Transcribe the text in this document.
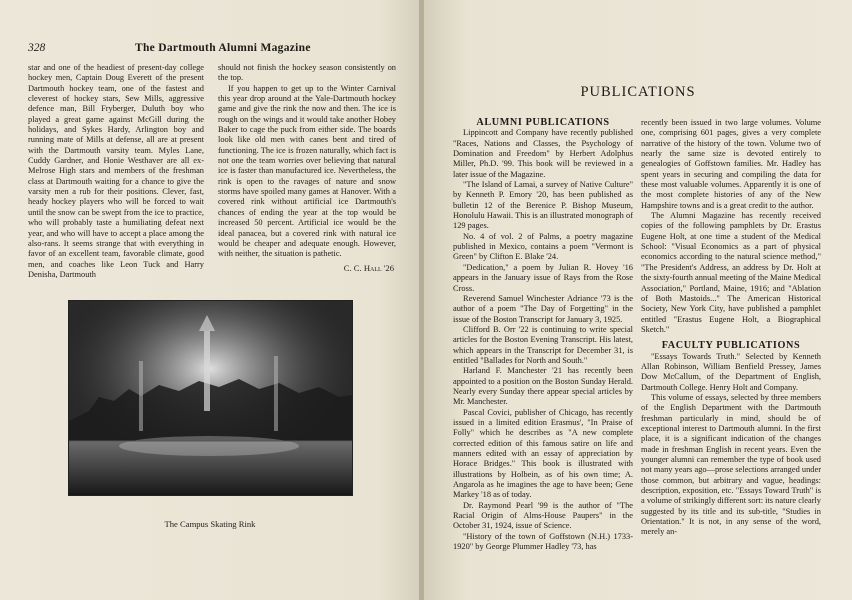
328	The Dartmouth Alumni Magazine

star and one of the headiest of present-day college hockey men, Captain Doug Everett of the present Dartmouth hockey team, one of the fastest and cleverest of hockey stars, Sew Mills, aggressive defence man, Bill Fryberger, Duluth boy who played a great game against McGill during the holidays, and Sykes Hardy, Arlington boy and running mate of Mills at defense, all are at present with the Dartmouth varsity team. Myles Lane, Cuddy Gardner, and Honie Westhaver are all ex-Melrose High stars and members of the freshman class at Dartmouth waiting for a chance to give the varsity men a rub for their positions. Clever, fast, heady hockey players who will be forced to wait until the snow can be swept from the ice to practice, who will probably taste a humiliating defeat next year, and who will have to accept a place among the also-rans. It seems strange that with everything in favor of an excellent team, favorable climate, good men, and coaches like Leon Tuck and Harry Denisha, Dartmouth

should not finish the hockey season consistently on the top.

If you happen to get up to the Winter Carnival this year drop around at the Yale-Dartmouth hockey game and give the rink the now and then. The ice is rough on the wings and it would take another Hobey Baker to cage the puck from either side. The boards look like old men with canes bent and tired of functioning. The ice is frozen naturally, which fact is not one the team worries over believing that natural ice is faster than manufactured ice. Nevertheless, the rink is open to the ravages of nature and snow storms have spoiled many games at Hanover. With a covered rink without artificial ice Dartmouth's chances of ending the year at the top would be increased 50 percent. Artificial ice would be the ideal panacea, but a covered rink with natural ice would be cheaper and adequate enough. However, with neither, the situation is pathetic.

C. C. Hall '26

The Campus Skating Rink
PUBLICATIONS

ALUMNI PUBLICATIONS

Lippincott and Company have recently published "Races, Nations and Classes, the Psychology of Domination and Freedom" by Herbert Adolphus Miller, Ph.D. '99. This book will be reviewed in a later issue of the Magazine.

"The Island of Lamai, a survey of Native Culture" by Kenneth P. Emory '20, has been published as bulletin 12 of the Berenice P. Bishop Museum, Honolulu Hawaii. This is an illustrated monograph of 129 pages.

No. 4 of vol. 2 of Palms, a poetry magazine published in Mexico, contains a poem "Vermont is Green" by Clifton E. Blake '24.

"Dedication," a poem by Julian R. Hovey '16 appears in the January issue of Rays from the Rose Cross.

Reverend Samuel Winchester Adriance '73 is the author of a poem "The Day of Forgetting" in the issue of the Boston Transcript for January 3, 1925.

Clifford B. Orr '22 is continuing to write special articles for the Boston Evening Transcript. His latest, which appears in the Transcript for December 31, is entitled "Ballades for North and South."

Harland F. Manchester '21 has recently been appointed to a position on the Boston Sunday Herald. Nearly every Sunday there appear special articles by Mr. Manchester.

Pascal Covici, publisher of Chicago, has recently issued in a limited edition Erasmus', "In Praise of Folly" which he describes as "A new complete corrected edition of this famous satire on life and manners edited with an essay of appreciation by Horace Bridges." This book is illustrated with illustrations by Holbein, as of his own time; A. Angarola as he imagines the age to have been; Gene Markey '18 as of today.

Dr. Raymond Pearl '99 is the author of "The Racial Origin of Alms-House Paupers" in the October 31, 1924, issue of Science.

"History of the town of Goffstown (N.H.) 1733-1920" by George Plummer Hadley '73, has

recently been issued in two large volumes. Volume one, comprising 601 pages, gives a very complete narrative of the history of the town. Volume two of nearly the same size is devoted entirely to genealogies of Goffstown families. Mr. Hadley has spent years in securing and compiling the data for these most valuable volumes. Apparently it is one of the most complete histories of any of the New Hampshire towns and is a great credit to the author.

The Alumni Magazine has recently received copies of the following pamphlets by Dr. Erastus Eugene Holt, at one time a student of the Medical School: "Visual Economics as a part of physical economics according to the natural science method," "The President's Address, an address by Dr. Holt at the sixty-fourth annual meeting of the Maine Medical Association," Portland, Maine, 1916; and "Ablation of Both Mastoids..." The American Historical Society, New York City, have published a pamphlet entitled "Erastus Eugene Holt, a Biographical Sketch."

FACULTY PUBLICATIONS

"Essays Towards Truth." Selected by Kenneth Allan Robinson, William Benfield Pressey, James Dow McCallum, of the Department of English, Dartmouth College. Henry Holt and Company.

This volume of essays, selected by three members of the English Department with the Dartmouth freshman particularly in mind, should be of exceptional interest to Dartmouth alumni. In the first place, it is a significant indication of the changes made in freshman English in recent years. Even the younger alumni can remember the type of book used not many years ago—prose selections arranged under those common, but arbitrary and vague, headings: description, exposition, etc. "Essays Toward Truth" is a volume of strikingly different sort: its nature clearly suggested by its title and its sub-title, "Studies in Orientation." It is not, in any sense of the word, merely an-
